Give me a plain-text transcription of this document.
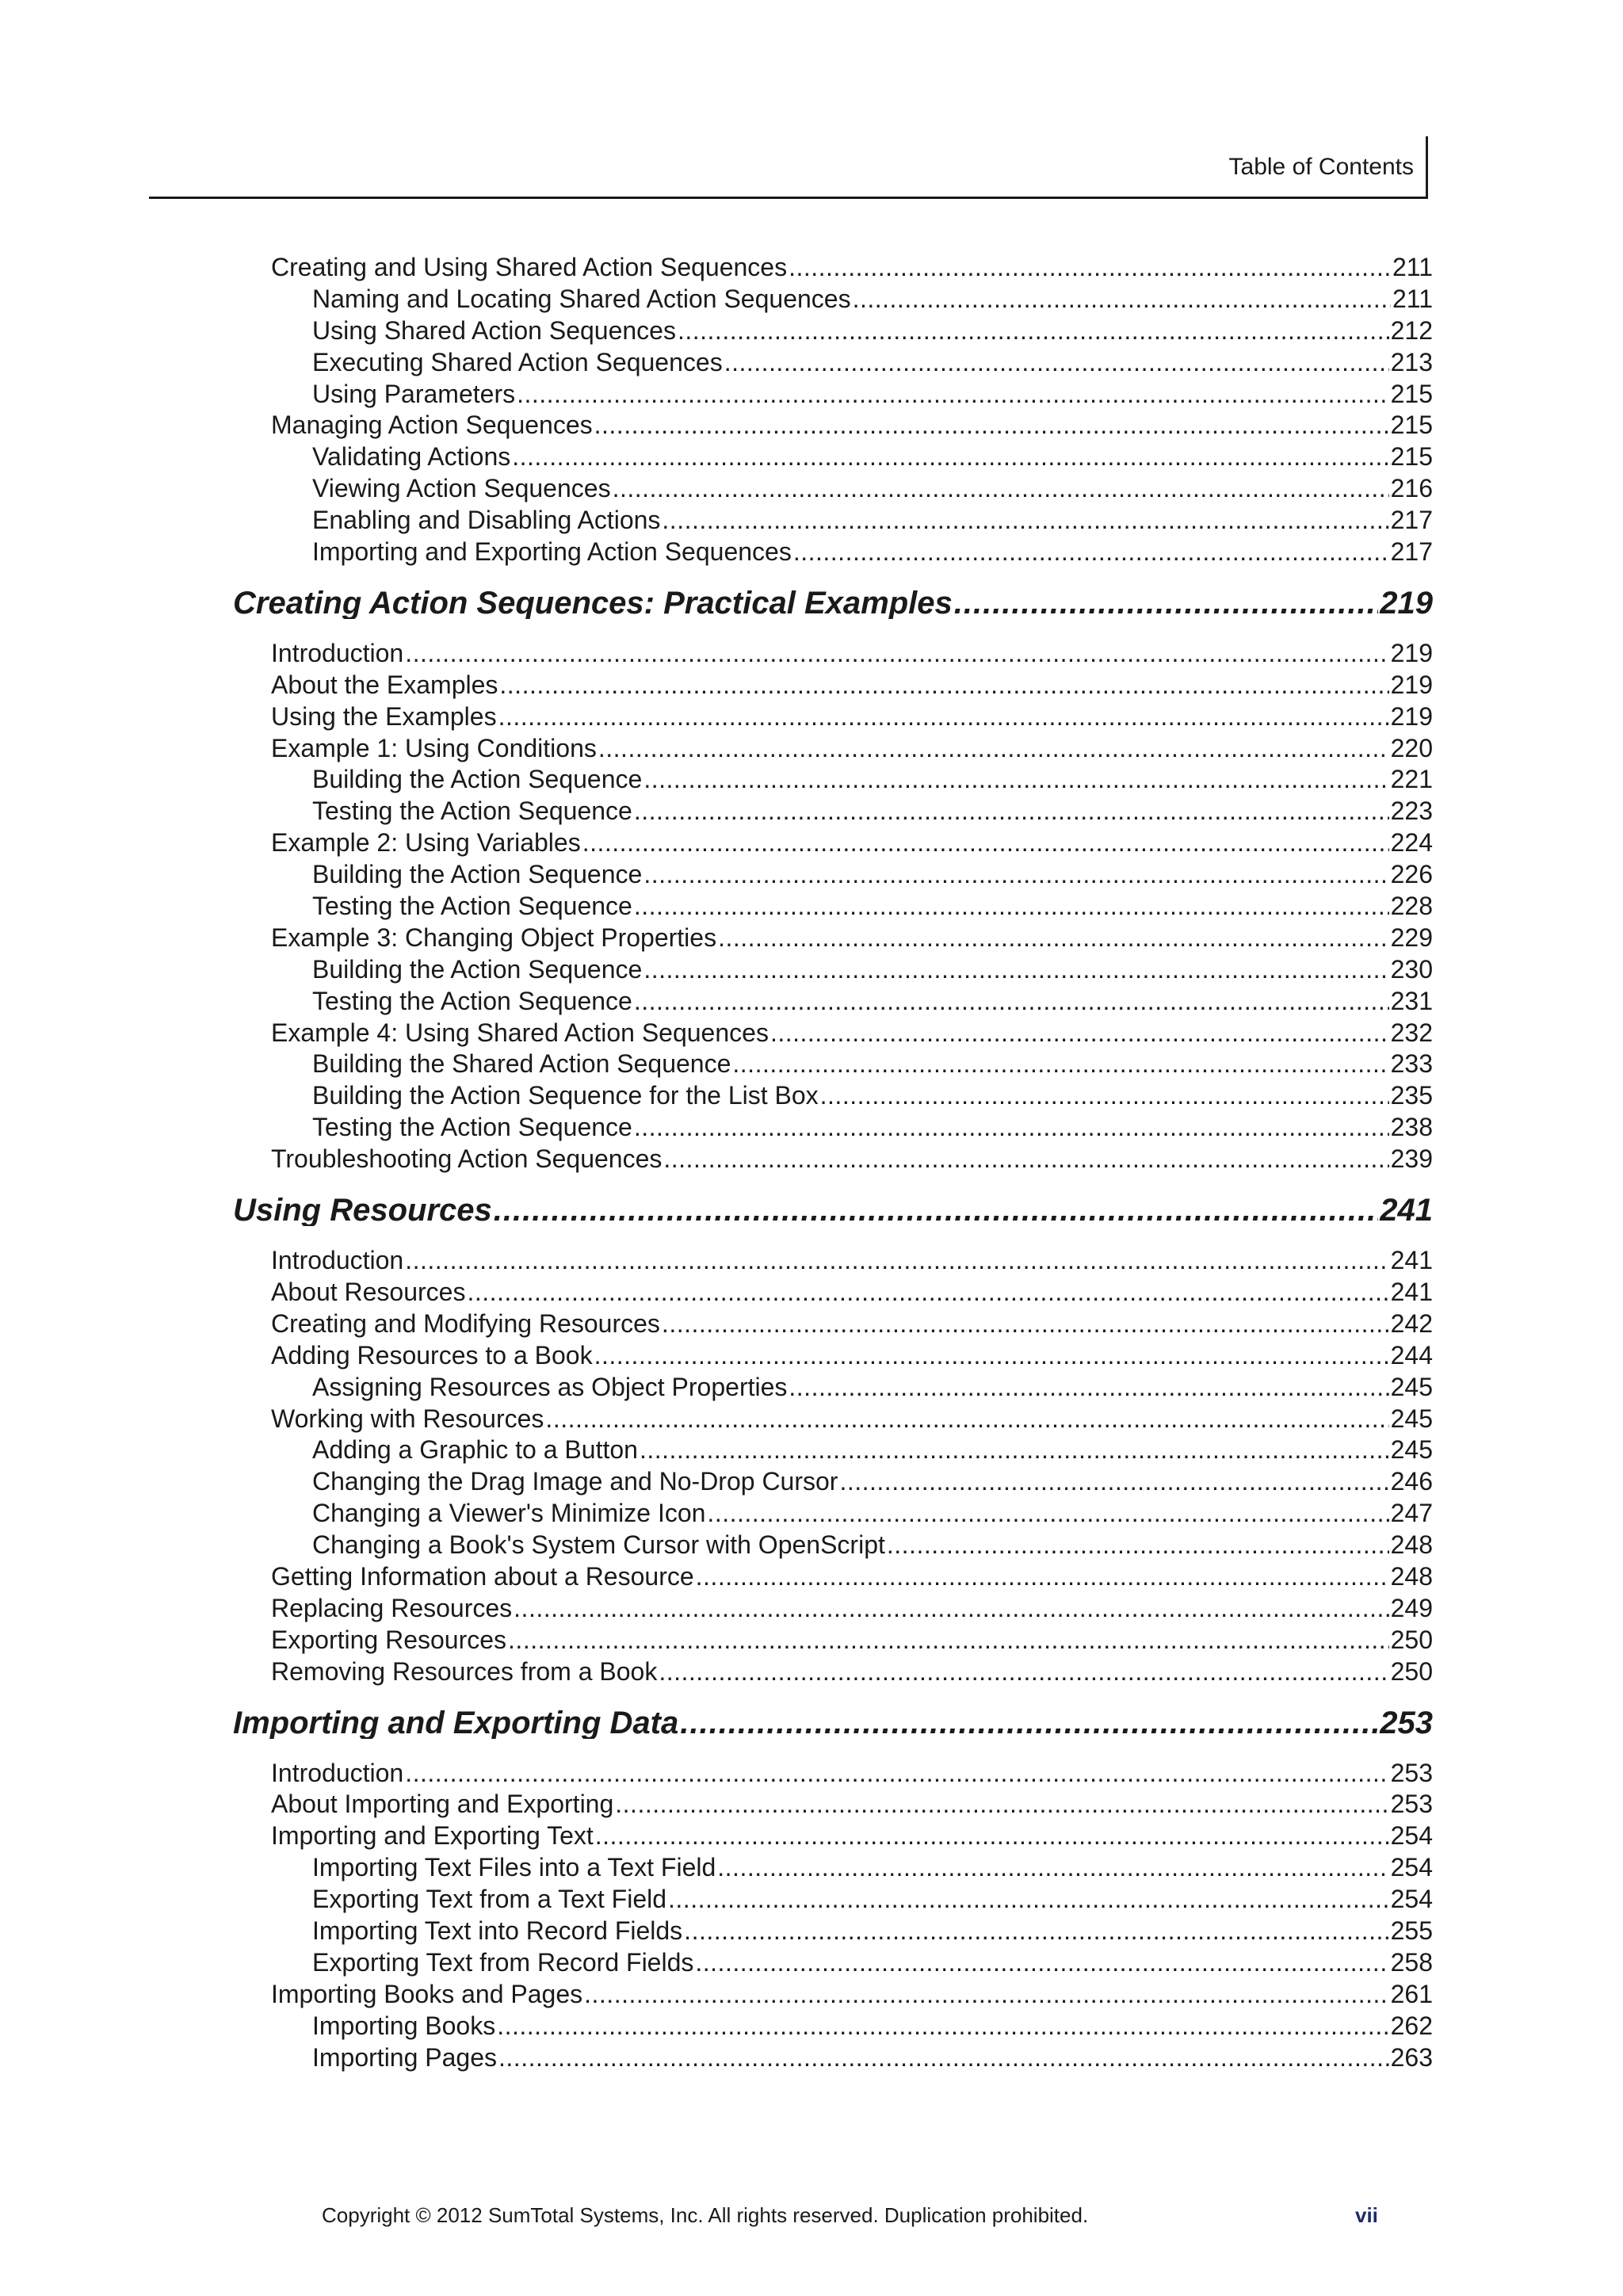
Table of Contents
Creating and Using Shared Action Sequences .....	211
Naming and Locating Shared Action Sequences .....	211
Using Shared Action Sequences .....	212
Executing Shared Action Sequences .....	213
Using Parameters .....	215
Managing Action Sequences .....	215
Validating Actions .....	215
Viewing Action Sequences .....	216
Enabling and Disabling Actions .....	217
Importing and Exporting Action Sequences .....	217
Creating Action Sequences: Practical Examples .....	219
Introduction .....	219
About the Examples .....	219
Using the Examples .....	219
Example 1: Using Conditions .....	220
Building the Action Sequence .....	221
Testing the Action Sequence .....	223
Example 2: Using Variables .....	224
Building the Action Sequence .....	226
Testing the Action Sequence .....	228
Example 3: Changing Object Properties .....	229
Building the Action Sequence .....	230
Testing the Action Sequence .....	231
Example 4: Using Shared Action Sequences .....	232
Building the Shared Action Sequence .....	233
Building the Action Sequence for the List Box .....	235
Testing the Action Sequence .....	238
Troubleshooting Action Sequences .....	239
Using Resources .....	241
Introduction .....	241
About Resources .....	241
Creating and Modifying Resources .....	242
Adding Resources to a Book .....	244
Assigning Resources as Object Properties .....	245
Working with Resources .....	245
Adding a Graphic to a Button .....	245
Changing the Drag Image and No-Drop Cursor .....	246
Changing a Viewer's Minimize Icon .....	247
Changing a Book's System Cursor with OpenScript .....	248
Getting Information about a Resource .....	248
Replacing Resources .....	249
Exporting Resources .....	250
Removing Resources from a Book .....	250
Importing and Exporting Data .....	253
Introduction .....	253
About Importing and Exporting .....	253
Importing and Exporting Text .....	254
Importing Text Files into a Text Field .....	254
Exporting Text from a Text Field .....	254
Importing Text into Record Fields .....	255
Exporting Text from Record Fields .....	258
Importing Books and Pages .....	261
Importing Books .....	262
Importing Pages .....	263
Copyright © 2012 SumTotal Systems, Inc. All rights reserved. Duplication prohibited.	vii
